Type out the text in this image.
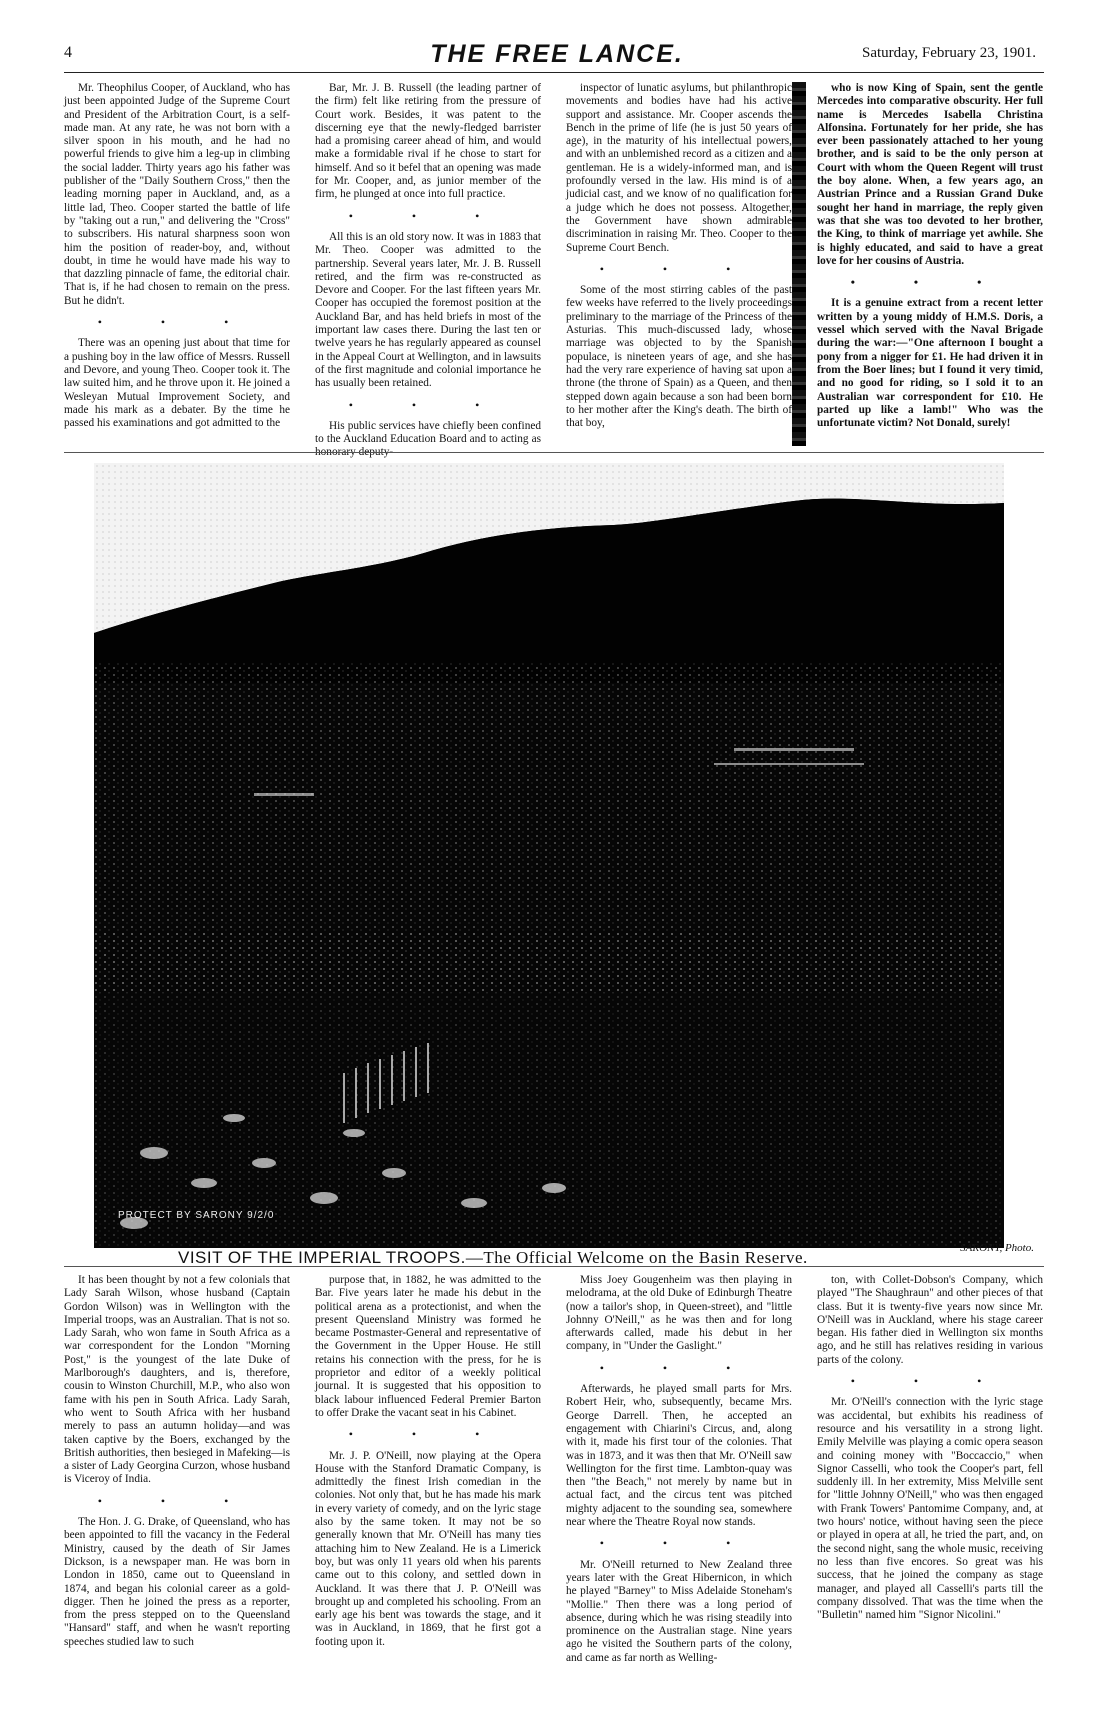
4	THE FREE LANCE.	Saturday, February 23, 1901.

Mr. Theophilus Cooper, of Auckland, who has just been appointed Judge of the Supreme Court and President of the Arbitration Court, is a self-made man. At any rate, he was not born with a silver spoon in his mouth, and he had no powerful friends to give him a leg-up in climbing the social ladder. Thirty years ago his father was publisher of the "Daily Southern Cross," then the leading morning paper in Auckland, and, as a little lad, Theo. Cooper started the battle of life by "taking out a run," and delivering the "Cross" to subscribers. His natural sharpness soon won him the position of reader-boy, and, without doubt, in time he would have made his way to that dazzling pinnacle of fame, the editorial chair. That is, if he had chosen to remain on the press. But he didn't.

• • •

There was an opening just about that time for a pushing boy in the law office of Messrs. Russell and Devore, and young Theo. Cooper took it. The law suited him, and he throve upon it. He joined a Wesleyan Mutual Improvement Society, and made his mark as a debater. By the time he passed his examinations and got admitted to the

Bar, Mr. J. B. Russell (the leading partner of the firm) felt like retiring from the pressure of Court work. Besides, it was patent to the discerning eye that the newly-fledged barrister had a promising career ahead of him, and would make a formidable rival if he chose to start for himself. And so it befel that an opening was made for Mr. Cooper, and, as junior member of the firm, he plunged at once into full practice.

• • •

All this is an old story now. It was in 1883 that Mr. Theo. Cooper was admitted to the partnership. Several years later, Mr. J. B. Russell retired, and the firm was re-constructed as Devore and Cooper. For the last fifteen years Mr. Cooper has occupied the foremost position at the Auckland Bar, and has held briefs in most of the important law cases there. During the last ten or twelve years he has regularly appeared as counsel in the Appeal Court at Wellington, and in lawsuits of the first magnitude and colonial importance he has usually been retained.

• • •

His public services have chiefly been confined to the Auckland Education Board and to acting as honorary deputy-

inspector of lunatic asylums, but philanthropic movements and bodies have had his active support and assistance. Mr. Cooper ascends the Bench in the prime of life (he is just 50 years of age), in the maturity of his intellectual powers, and with an unblemished record as a citizen and a gentleman. He is a widely-informed man, and is profoundly versed in the law. His mind is of a judicial cast, and we know of no qualification for a judge which he does not possess. Altogether, the Government have shown admirable discrimination in raising Mr. Theo. Cooper to the Supreme Court Bench.

• • •

Some of the most stirring cables of the past few weeks have referred to the lively proceedings preliminary to the marriage of the Princess of the Asturias. This much-discussed lady, whose marriage was objected to by the Spanish populace, is nineteen years of age, and she has had the very rare experience of having sat upon a throne (the throne of Spain) as a Queen, and then stepped down again because a son had been born to her mother after the King's death. The birth of that boy,

who is now King of Spain, sent the gentle Mercedes into comparative obscurity. Her full name is Mercedes Isabella Christina Alfonsina. Fortunately for her pride, she has ever been passionately attached to her young brother, and is said to be the only person at Court with whom the Queen Regent will trust the boy alone. When, a few years ago, an Austrian Prince and a Russian Grand Duke sought her hand in marriage, the reply given was that she was too devoted to her brother, the King, to think of marriage yet awhile. She is highly educated, and said to have a great love for her cousins of Austria.

• • •

It is a genuine extract from a recent letter written by a young middy of H.M.S. Doris, a vessel which served with the Naval Brigade during the war:—"One afternoon I bought a pony from a nigger for £1. He had driven it in from the Boer lines; but I found it very timid, and no good for riding, so I sold it to an Australian war correspondent for £10. He parted up like a lamb!" Who was the unfortunate victim? Not Donald, surely!

PROTECT BY SARONY 9/2/0
SARONY, Photo.
VISIT OF THE IMPERIAL TROOPS.—The Official Welcome on the Basin Reserve.

It has been thought by not a few colonials that Lady Sarah Wilson, whose husband (Captain Gordon Wilson) was in Wellington with the Imperial troops, was an Australian. That is not so. Lady Sarah, who won fame in South Africa as a war correspondent for the London "Morning Post," is the youngest of the late Duke of Marlborough's daughters, and is, therefore, cousin to Winston Churchill, M.P., who also won fame with his pen in South Africa. Lady Sarah, who went to South Africa with her husband merely to pass an autumn holiday—and was taken captive by the Boers, exchanged by the British authorities, then besieged in Mafeking—is a sister of Lady Georgina Curzon, whose husband is Viceroy of India.

• • •

The Hon. J. G. Drake, of Queensland, who has been appointed to fill the vacancy in the Federal Ministry, caused by the death of Sir James Dickson, is a newspaper man. He was born in London in 1850, came out to Queensland in 1874, and began his colonial career as a gold-digger. Then he joined the press as a reporter, from the press stepped on to the Queensland "Hansard" staff, and when he wasn't reporting speeches studied law to such

purpose that, in 1882, he was admitted to the Bar. Five years later he made his debut in the political arena as a protectionist, and when the present Queensland Ministry was formed he became Postmaster-General and representative of the Government in the Upper House. He still retains his connection with the press, for he is proprietor and editor of a weekly political journal. It is suggested that his opposition to black labour influenced Federal Premier Barton to offer Drake the vacant seat in his Cabinet.

• • •

Mr. J. P. O'Neill, now playing at the Opera House with the Stanford Dramatic Company, is admittedly the finest Irish comedian in the colonies. Not only that, but he has made his mark in every variety of comedy, and on the lyric stage also by the same token. It may not be so generally known that Mr. O'Neill has many ties attaching him to New Zealand. He is a Limerick boy, but was only 11 years old when his parents came out to this colony, and settled down in Auckland. It was there that J. P. O'Neill was brought up and completed his schooling. From an early age his bent was towards the stage, and it was in Auckland, in 1869, that he first got a footing upon it.

Miss Joey Gougenheim was then playing in melodrama, at the old Duke of Edinburgh Theatre (now a tailor's shop, in Queen-street), and "little Johnny O'Neill," as he was then and for long afterwards called, made his debut in her company, in "Under the Gaslight."

• • •

Afterwards, he played small parts for Mrs. Robert Heir, who, subsequently, became Mrs. George Darrell. Then, he accepted an engagement with Chiarini's Circus, and, along with it, made his first tour of the colonies. That was in 1873, and it was then that Mr. O'Neill saw Wellington for the first time. Lambton-quay was then "the Beach," not merely by name but in actual fact, and the circus tent was pitched mighty adjacent to the sounding sea, somewhere near where the Theatre Royal now stands.

• • •

Mr. O'Neill returned to New Zealand three years later with the Great Hibernicon, in which he played "Barney" to Miss Adelaide Stoneham's "Mollie." Then there was a long period of absence, during which he was rising steadily into prominence on the Australian stage. Nine years ago he visited the Southern parts of the colony, and came as far north as Welling-

ton, with Collet-Dobson's Company, which played "The Shaughraun" and other pieces of that class. But it is twenty-five years now since Mr. O'Neill was in Auckland, where his stage career began. His father died in Wellington six months ago, and he still has relatives residing in various parts of the colony.

• • •

Mr. O'Neill's connection with the lyric stage was accidental, but exhibits his readiness of resource and his versatility in a strong light. Emily Melville was playing a comic opera season and coining money with "Boccaccio," when Signor Casselli, who took the Cooper's part, fell suddenly ill. In her extremity, Miss Melville sent for "little Johnny O'Neill," who was then engaged with Frank Towers' Pantomime Company, and, at two hours' notice, without having seen the piece or played in opera at all, he tried the part, and, on the second night, sang the whole music, receiving no less than five encores. So great was his success, that he joined the company as stage manager, and played all Casselli's parts till the company dissolved. That was the time when the "Bulletin" named him "Signor Nicolini."
